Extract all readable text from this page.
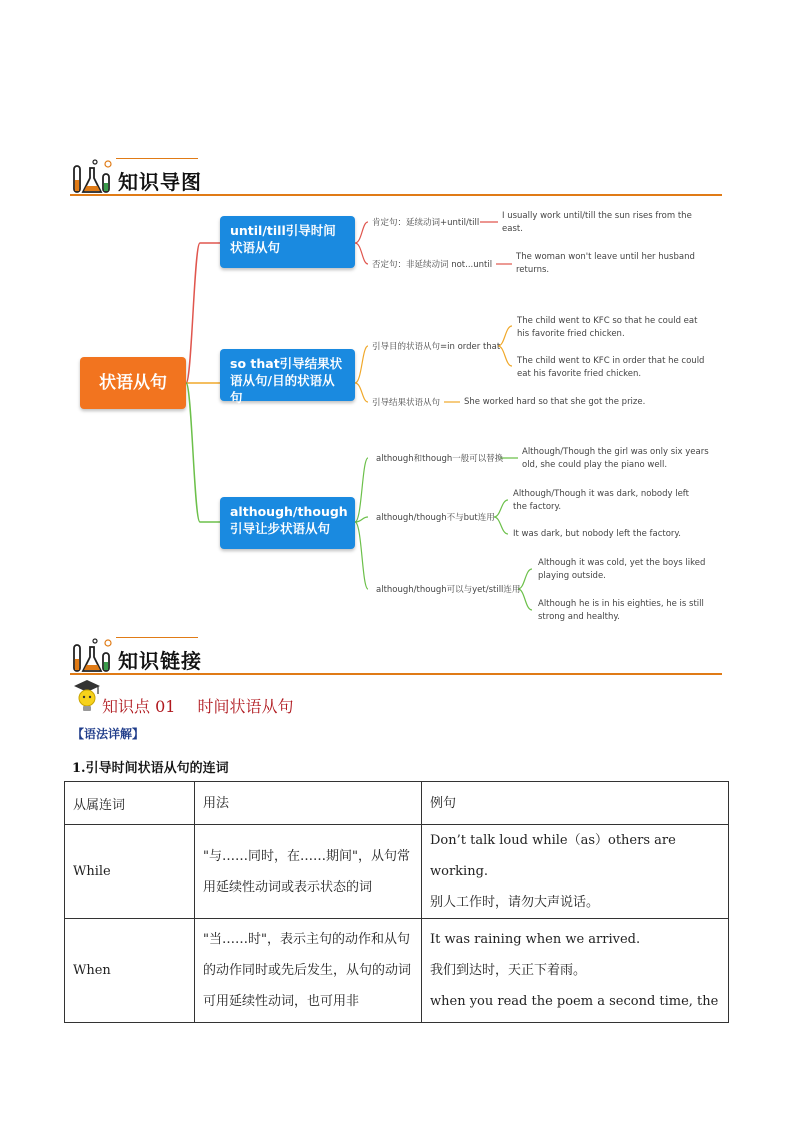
知识导图
状语从句
until/till引导时间状语从句
so that引导结果状语从句/目的状语从句
although/though引导让步状语从句
肯定句：延续动词+until/till
I usually work until/till the sun rises from the east.
否定句：非延续动词 not...until
The woman won't leave until her husband returns.
引导目的状语从句=in order that
The child went to KFC so that he could eat his favorite fried chicken.
The child went to KFC in order that he could eat his favorite fried chicken.
引导结果状语从句	She worked hard so that she got the prize.
although和though一般可以替换
Although/Though the girl was only six years old, she could play the piano well.
although/though不与but连用
Although/Though it was dark, nobody left the factory.
It was dark, but nobody left the factory.
although/though可以与yet/still连用
Although it was cold, yet the boys liked playing outside.
Although he is in his eighties, he is still strong and healthy.
知识链接
知识点 01 时间状语从句
【语法详解】
1.引导时间状语从句的连词
从属连词	用法	例句
While	"与……同时，在……期间"，从句常用延续性动词或表示状态的词	Don’t talk loud while（as）others are working.
别人工作时，请勿大声说话。

When	"当……时"，表示主句的动作和从句的动作同时或先后发生，从句的动词可用延续性动词，也可用非	It was raining when we arrived.
我们到达时，天正下着雨。
when you read the poem a second time, the
